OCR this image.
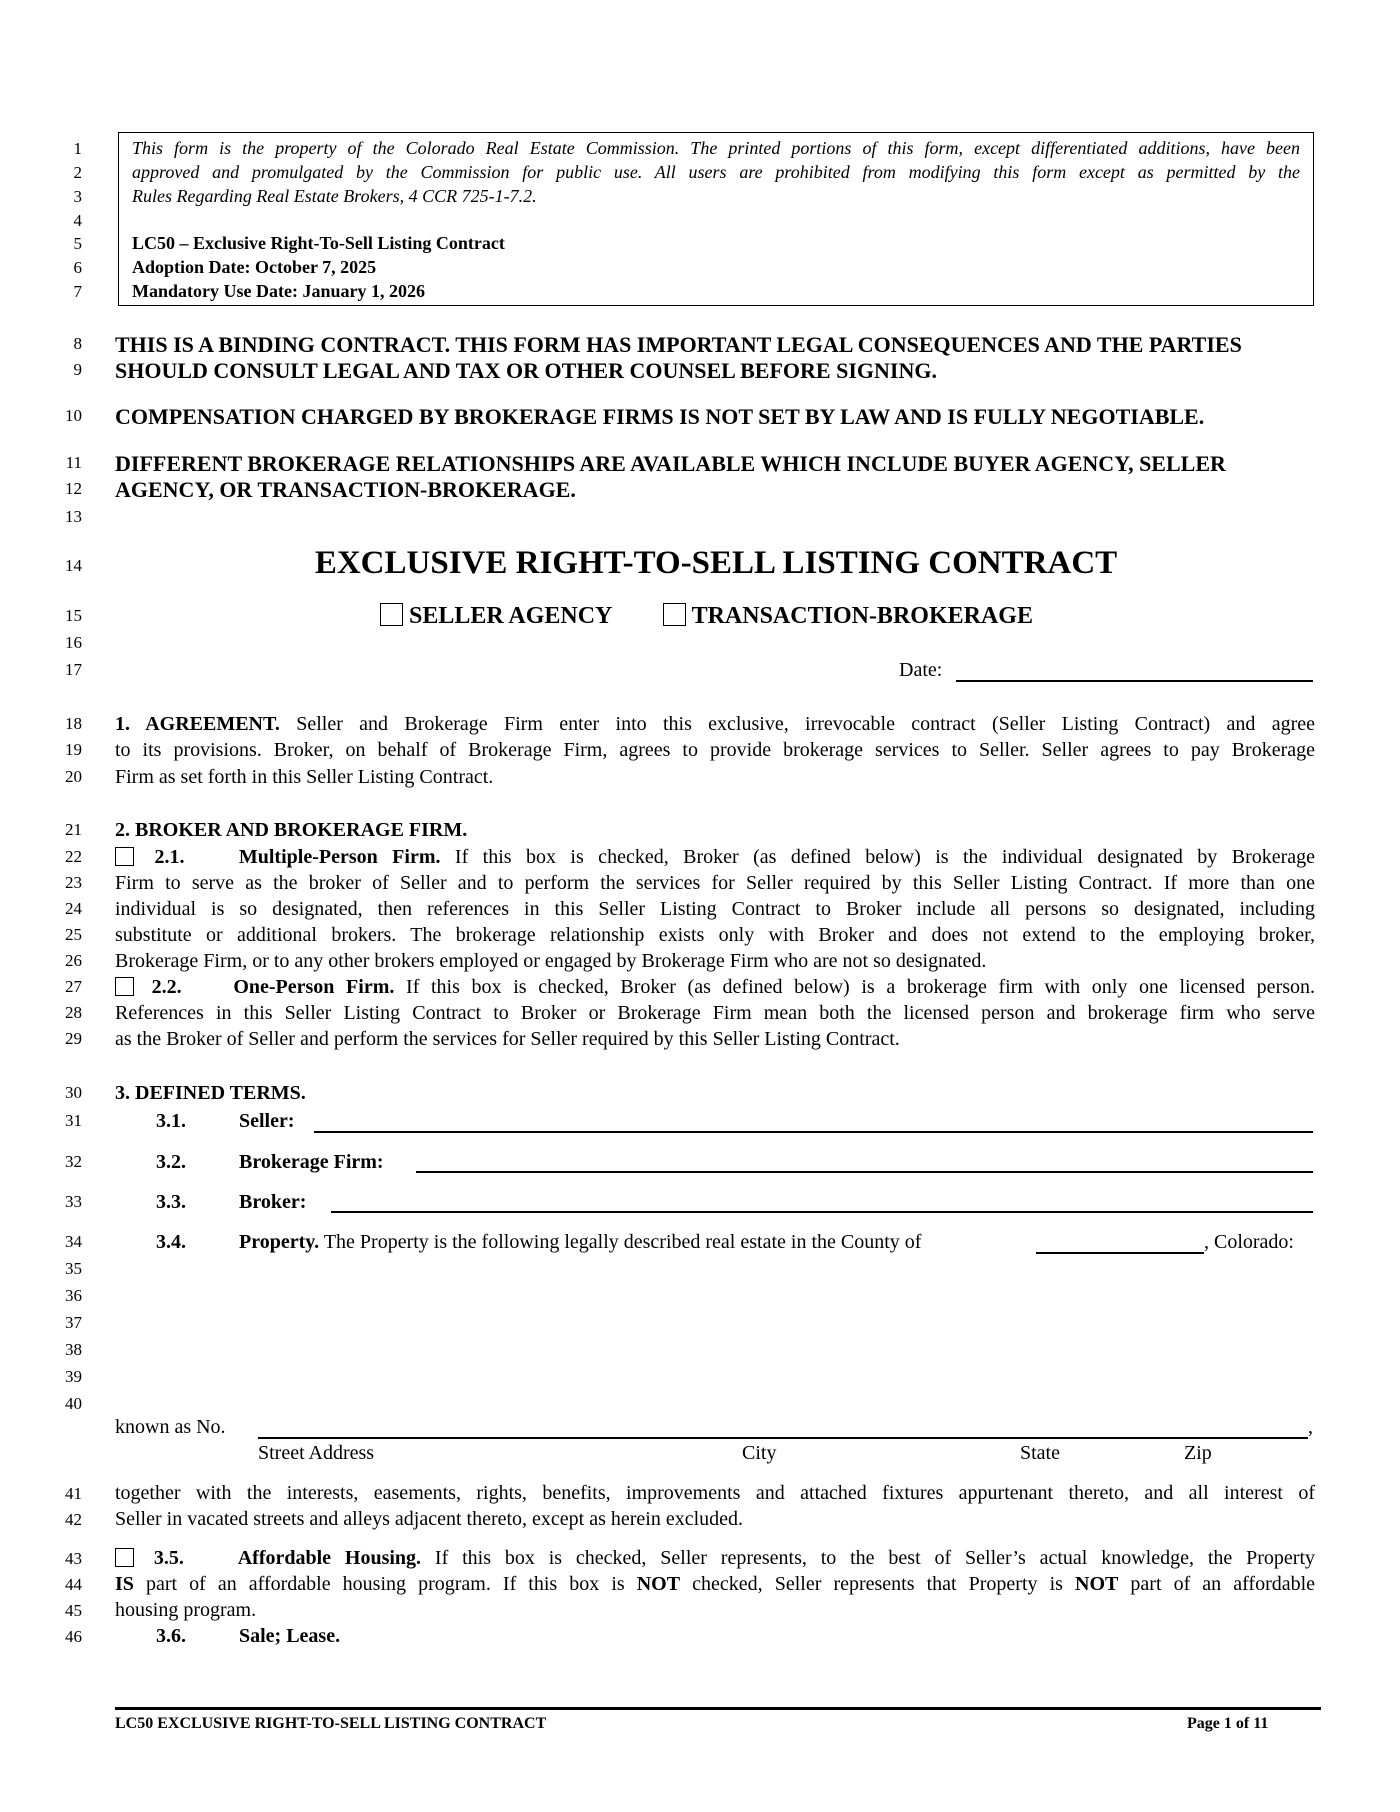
1
2
3
4
5
6
7
8
9
10
11
12
13
14
15
16
17
18
19
20
21
22
23
24
25
26
27
28
29
30
31
32
33
34
35
36
37
38
39
40
41
42
43
44
45
46
This form is the property of the Colorado Real Estate Commission. The printed portions of this form, except differentiated additions, have been
approved and promulgated by the Commission for public use. All users are prohibited from modifying this form except as permitted by the
Rules Regarding Real Estate Brokers, 4 CCR 725-1-7.2.
LC50 – Exclusive Right-To-Sell Listing Contract
Adoption Date: October 7, 2025
Mandatory Use Date: January 1, 2026
THIS IS A BINDING CONTRACT. THIS FORM HAS IMPORTANT LEGAL CONSEQUENCES AND THE PARTIES
SHOULD CONSULT LEGAL AND TAX OR OTHER COUNSEL BEFORE SIGNING.
COMPENSATION CHARGED BY BROKERAGE FIRMS IS NOT SET BY LAW AND IS FULLY NEGOTIABLE.
DIFFERENT BROKERAGE RELATIONSHIPS ARE AVAILABLE WHICH INCLUDE BUYER AGENCY, SELLER
AGENCY, OR TRANSACTION-BROKERAGE.
EXCLUSIVE RIGHT-TO-SELL LISTING CONTRACT
SELLER AGENCY	TRANSACTION-BROKERAGE
Date:
1. AGREEMENT. Seller and Brokerage Firm enter into this exclusive, irrevocable contract (Seller Listing Contract) and agree
to its provisions. Broker, on behalf of Brokerage Firm, agrees to provide brokerage services to Seller. Seller agrees to pay Brokerage
Firm as set forth in this Seller Listing Contract.
2. BROKER AND BROKERAGE FIRM.
2.1.	Multiple-Person Firm. If this box is checked, Broker (as defined below) is the individual designated by Brokerage
Firm to serve as the broker of Seller and to perform the services for Seller required by this Seller Listing Contract. If more than one
individual is so designated, then references in this Seller Listing Contract to Broker include all persons so designated, including
substitute or additional brokers. The brokerage relationship exists only with Broker and does not extend to the employing broker,
Brokerage Firm, or to any other brokers employed or engaged by Brokerage Firm who are not so designated.
2.2.	One-Person Firm. If this box is checked, Broker (as defined below) is a brokerage firm with only one licensed person.
References in this Seller Listing Contract to Broker or Brokerage Firm mean both the licensed person and brokerage firm who serve
as the Broker of Seller and perform the services for Seller required by this Seller Listing Contract.
3. DEFINED TERMS.
3.1.	Seller:
3.2.	Brokerage Firm:
3.3.	Broker:
3.4.	Property. The Property is the following legally described real estate in the County of	, Colorado:
known as No.	,
Street Address	City	State	Zip
together with the interests, easements, rights, benefits, improvements and attached fixtures appurtenant thereto, and all interest of
Seller in vacated streets and alleys adjacent thereto, except as herein excluded.
3.5.	Affordable Housing. If this box is checked, Seller represents, to the best of Seller’s actual knowledge, the Property
IS part of an affordable housing program. If this box is NOT checked, Seller represents that Property is NOT part of an affordable
housing program.
3.6.	Sale; Lease.
LC50 EXCLUSIVE RIGHT-TO-SELL LISTING CONTRACT	Page 1 of 11
